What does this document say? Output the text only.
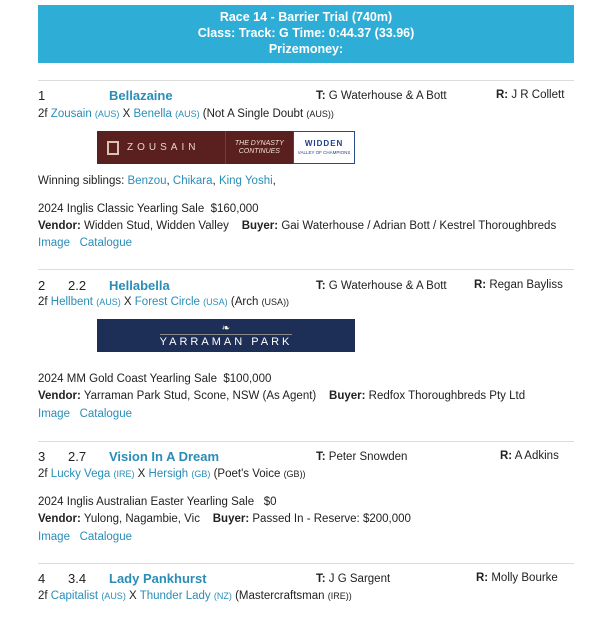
Race 14 - Barrier Trial (740m)
Class: Track: G Time: 0:44.37 (33.96)
Prizemoney:
1	Bellazaine	T: G Waterhouse & A Bott	R: J R Collett
2f Zousain (AUS) X Benella (AUS) (Not A Single Doubt (AUS))
ZOUSAIN	THE DYNASTY
CONTINUES
WIDDEN
VALLEY OF CHAMPIONS
Winning siblings: Benzou, Chikara, King Yoshi,
2024 Inglis Classic Yearling Sale $160,000
Vendor: Widden Stud, Widden Valley Buyer: Gai Waterhouse / Adrian Bott / Kestrel Thoroughbreds
Image Catalogue
2 2.2 Hellabella	T: G Waterhouse & A Bott R: Regan Bayliss
2f Hellbent (AUS) X Forest Circle (USA) (Arch (USA))
❧
YARRAMAN PARK
2024 MM Gold Coast Yearling Sale $100,000
Vendor: Yarraman Park Stud, Scone, NSW (As Agent) Buyer: Redfox Thoroughbreds Pty Ltd
Image Catalogue
3 2.7 Vision In A Dream	T: Peter Snowden	R: A Adkins
2f Lucky Vega (IRE) X Hersigh (GB) (Poet's Voice (GB))
2024 Inglis Australian Easter Yearling Sale $0
Vendor: Yulong, Nagambie, Vic Buyer: Passed In - Reserve: $200,000
Image Catalogue
4 3.4 Lady Pankhurst	T: J G Sargent	R: Molly Bourke
2f Capitalist (AUS) X Thunder Lady (NZ) (Mastercraftsman (IRE))
